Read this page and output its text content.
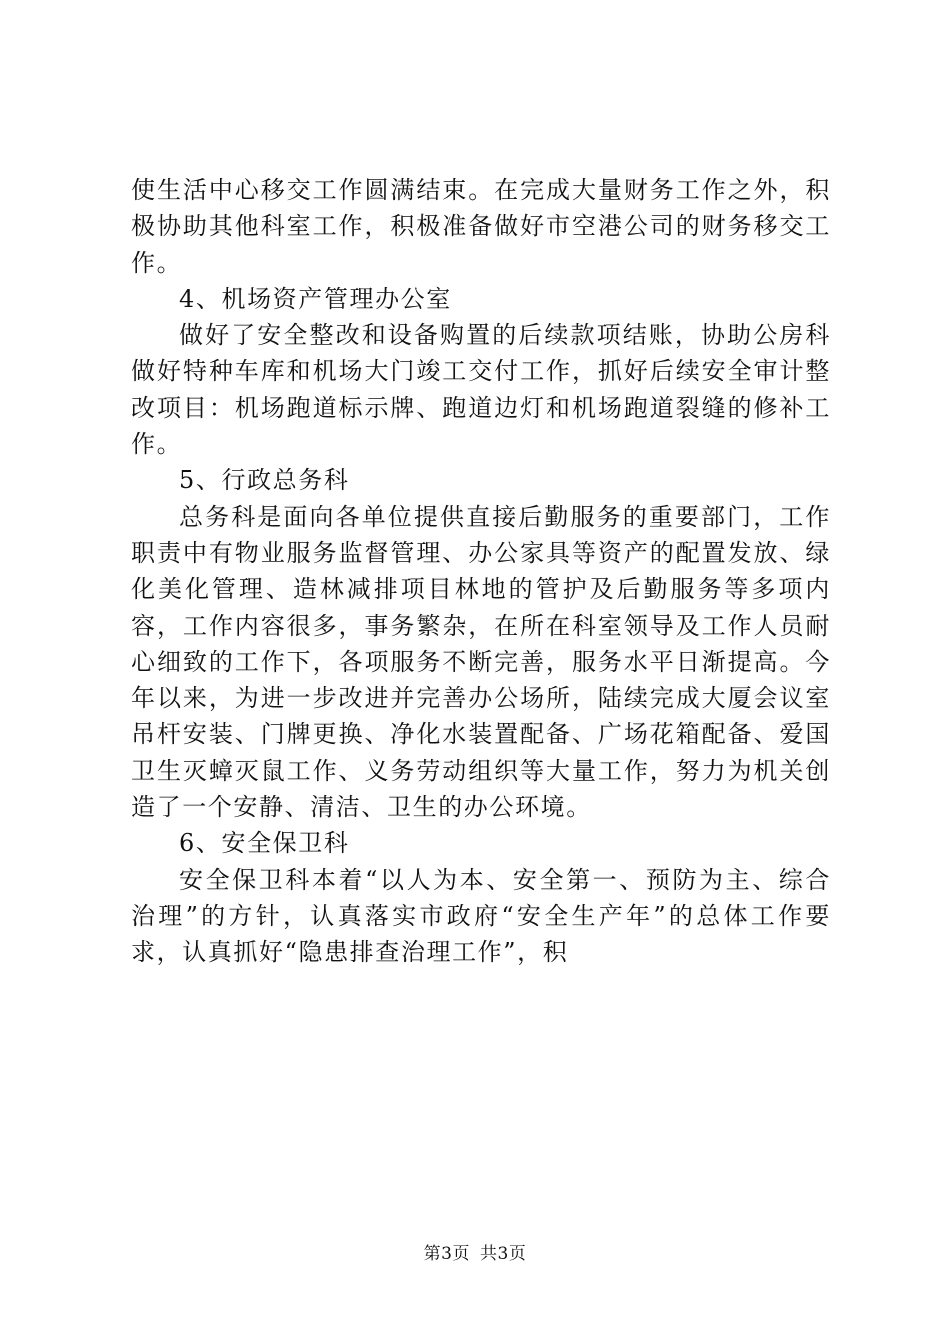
使生活中心移交工作圆满结束。在完成大量财务工作之外，积极协助其他科室工作，积极准备做好市空港公司的财务移交工作。

4、机场资产管理办公室

做好了安全整改和设备购置的后续款项结账，协助公房科做好特种车库和机场大门竣工交付工作，抓好后续安全审计整改项目：机场跑道标示牌、跑道边灯和机场跑道裂缝的修补工作。

5、行政总务科

总务科是面向各单位提供直接后勤服务的重要部门，工作职责中有物业服务监督管理、办公家具等资产的配置发放、绿化美化管理、造林减排项目林地的管护及后勤服务等多项内容，工作内容很多，事务繁杂，在所在科室领导及工作人员耐心细致的工作下，各项服务不断完善，服务水平日渐提高。今年以来，为进一步改进并完善办公场所，陆续完成大厦会议室吊杆安装、门牌更换、净化水装置配备、广场花箱配备、爱国卫生灭蟑灭鼠工作、义务劳动组织等大量工作，努力为机关创造了一个安静、清洁、卫生的办公环境。

6、安全保卫科

安全保卫科本着“以人为本、安全第一、预防为主、综合治理”的方针，认真落实市政府“安全生产年”的总体工作要求，认真抓好“隐患排查治理工作”，积

第3页 共3页
